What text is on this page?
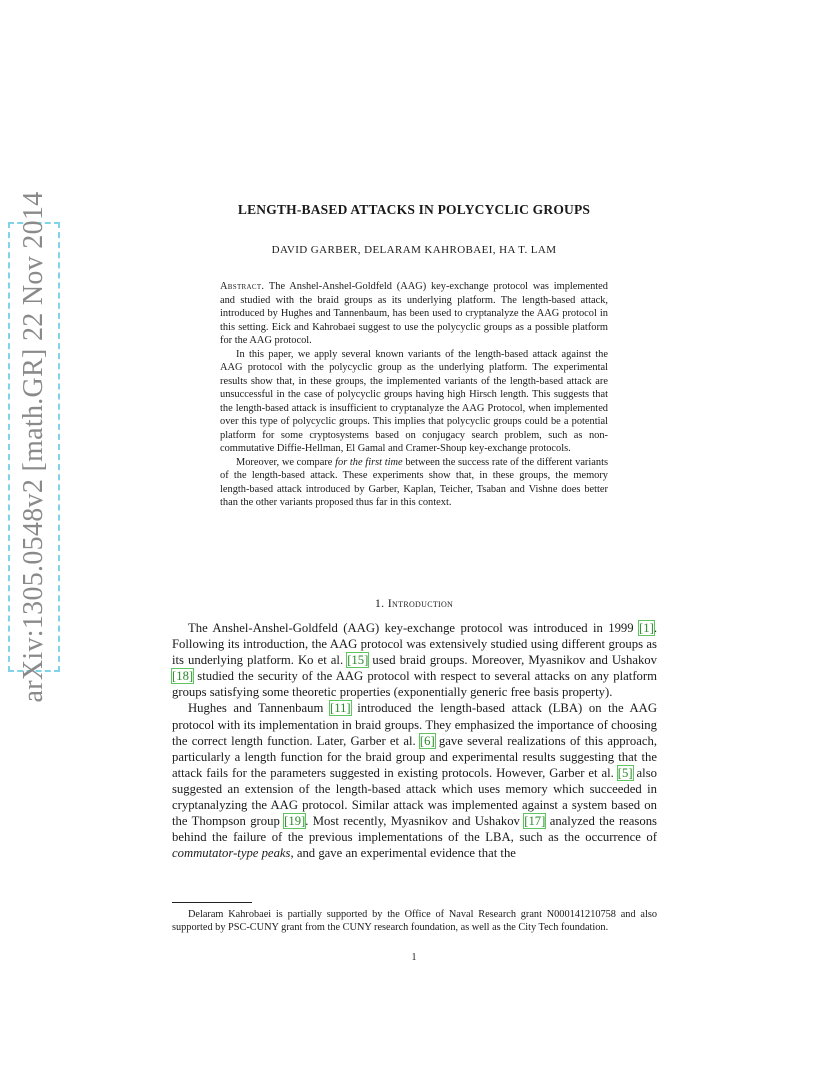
arXiv:1305.0548v2 [math.GR] 22 Nov 2014	LENGTH-BASED ATTACKS IN POLYCYCLIC GROUPS
DAVID GARBER, DELARAM KAHROBAEI, HA T. LAM

Abstract. The Anshel-Anshel-Goldfeld (AAG) key-exchange protocol was implemented and studied with the braid groups as its underlying platform. The length-based attack, introduced by Hughes and Tannenbaum, has been used to cryptanalyze the AAG protocol in this setting. Eick and Kahrobaei suggest to use the polycyclic groups as a possible platform for the AAG protocol.

In this paper, we apply several known variants of the length-based attack against the AAG protocol with the polycyclic group as the underlying platform. The experimental results show that, in these groups, the implemented variants of the length-based attack are unsuccessful in the case of polycyclic groups having high Hirsch length. This suggests that the length-based attack is insufficient to cryptanalyze the AAG Protocol, when implemented over this type of polycyclic groups. This implies that polycyclic groups could be a potential platform for some cryptosystems based on conjugacy search problem, such as non-commutative Diffie-Hellman, El Gamal and Cramer-Shoup key-exchange protocols.

Moreover, we compare for the first time between the success rate of the different variants of the length-based attack. These experiments show that, in these groups, the memory length-based attack introduced by Garber, Kaplan, Teicher, Tsaban and Vishne does better than the other variants proposed thus far in this context.

1. Introduction

The Anshel-Anshel-Goldfeld (AAG) key-exchange protocol was introduced in 1999 [1]. Following its introduction, the AAG protocol was extensively studied using different groups as its underlying platform. Ko et al. [15] used braid groups. Moreover, Myasnikov and Ushakov [18] studied the security of the AAG protocol with respect to several attacks on any platform groups satisfying some theoretic properties (exponentially generic free basis property).

Hughes and Tannenbaum [11] introduced the length-based attack (LBA) on the AAG protocol with its implementation in braid groups. They emphasized the importance of choosing the correct length function. Later, Garber et al. [6] gave several realizations of this approach, particularly a length function for the braid group and experimental results suggesting that the attack fails for the parameters suggested in existing protocols. However, Garber et al. [5] also suggested an extension of the length-based attack which uses memory which succeeded in cryptanalyzing the AAG protocol. Similar attack was implemented against a system based on the Thompson group [19]. Most recently, Myasnikov and Ushakov [17] analyzed the reasons behind the failure of the previous implementations of the LBA, such as the occurrence of commutator-type peaks, and gave an experimental evidence that the

Delaram Kahrobaei is partially supported by the Office of Naval Research grant N000141210758 and also supported by PSC-CUNY grant from the CUNY research foundation, as well as the City Tech foundation.

1
